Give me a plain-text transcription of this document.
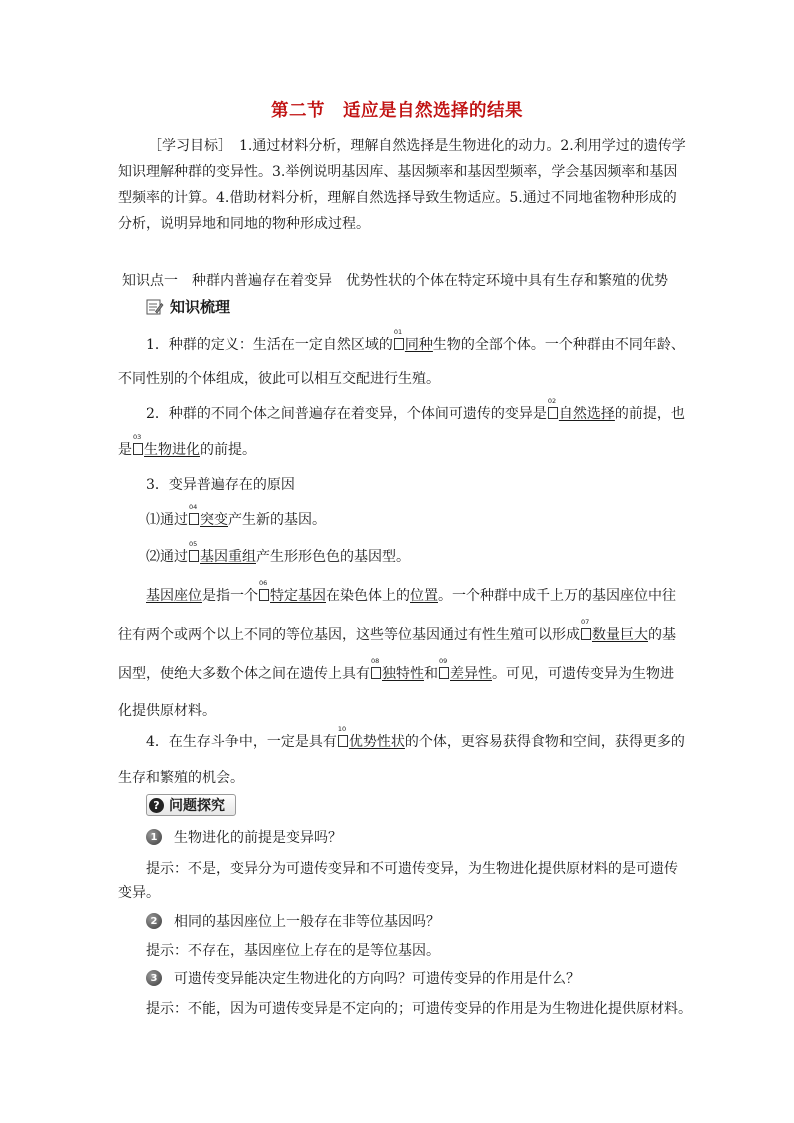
第二节　适应是自然选择的结果
［学习目标］　1.通过材料分析，理解自然选择是生物进化的动力。2.利用学过的遗传学
知识理解种群的变异性。3.举例说明基因库、基因频率和基因型频率，学会基因频率和基因
型频率的计算。4.借助材料分析，理解自然选择导致生物适应。5.通过不同地雀物种形成的
分析，说明异地和同地的物种形成过程。
知识点一　种群内普遍存在着变异　优势性状的个体在特定环境中具有生存和繁殖的优势
知识梳理
1．种群的定义：生活在一定自然区域的
01
同种生物的全部个体。一个种群由不同年龄、
不同性别的个体组成，彼此可以相互交配进行生殖。
2．种群的不同个体之间普遍存在着变异，个体间可遗传的变异是
02
自然选择的前提，也
是
03
生物进化的前提。
3．变异普遍存在的原因
⑴通过
04
突变产生新的基因。
⑵通过
05
基因重组产生形形色色的基因型。
基因座位是指一个
06
特定基因在染色体上的位置。一个种群中成千上万的基因座位中往
往有两个或两个以上不同的等位基因，这些等位基因通过有性生殖可以形成
07
数量巨大的基
因型，使绝大多数个体之间在遗传上具有
08
独特性和
09
差异性。可见，可遗传变异为生物进
化提供原材料。
4．在生存斗争中，一定是具有
10
优势性状的个体，更容易获得食物和空间，获得更多的
生存和繁殖的机会。
? 问题探究
1	生物进化的前提是变异吗？
提示：不是，变异分为可遗传变异和不可遗传变异，为生物进化提供原材料的是可遗传
变异。
2	相同的基因座位上一般存在非等位基因吗？
提示：不存在，基因座位上存在的是等位基因。
3	可遗传变异能决定生物进化的方向吗？可遗传变异的作用是什么？
提示：不能，因为可遗传变异是不定向的；可遗传变异的作用是为生物进化提供原材料。
